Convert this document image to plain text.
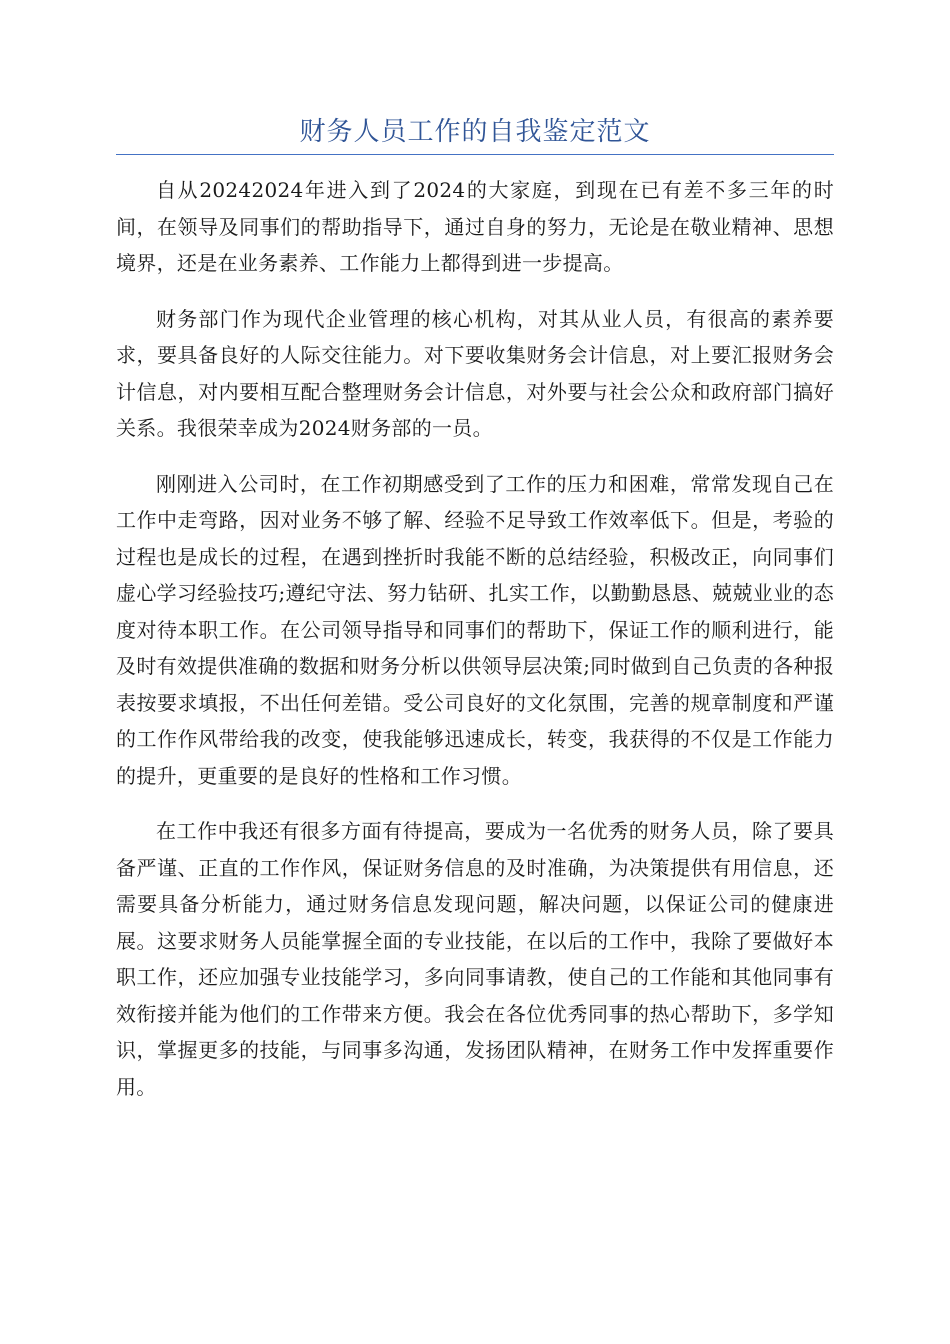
财务人员工作的自我鉴定范文

自从20242024年进入到了2024的大家庭，到现在已有差不多三年的时间，在领导及同事们的帮助指导下，通过自身的努力，无论是在敬业精神、思想境界，还是在业务素养、工作能力上都得到进一步提高。

财务部门作为现代企业管理的核心机构，对其从业人员，有很高的素养要求，要具备良好的人际交往能力。对下要收集财务会计信息，对上要汇报财务会计信息，对内要相互配合整理财务会计信息，对外要与社会公众和政府部门搞好关系。我很荣幸成为2024财务部的一员。

刚刚进入公司时，在工作初期感受到了工作的压力和困难，常常发现自己在工作中走弯路，因对业务不够了解、经验不足导致工作效率低下。但是，考验的过程也是成长的过程，在遇到挫折时我能不断的总结经验，积极改正，向同事们虚心学习经验技巧;遵纪守法、努力钻研、扎实工作，以勤勤恳恳、兢兢业业的态度对待本职工作。在公司领导指导和同事们的帮助下，保证工作的顺利进行，能及时有效提供准确的数据和财务分析以供领导层决策;同时做到自己负责的各种报表按要求填报，不出任何差错。受公司良好的文化氛围，完善的规章制度和严谨的工作作风带给我的改变，使我能够迅速成长，转变，我获得的不仅是工作能力的提升，更重要的是良好的性格和工作习惯。

在工作中我还有很多方面有待提高，要成为一名优秀的财务人员，除了要具备严谨、正直的工作作风，保证财务信息的及时准确，为决策提供有用信息，还需要具备分析能力，通过财务信息发现问题，解决问题，以保证公司的健康进展。这要求财务人员能掌握全面的专业技能，在以后的工作中，我除了要做好本职工作，还应加强专业技能学习，多向同事请教，使自己的工作能和其他同事有效衔接并能为他们的工作带来方便。我会在各位优秀同事的热心帮助下，多学知识，掌握更多的技能，与同事多沟通，发扬团队精神，在财务工作中发挥重要作用。
